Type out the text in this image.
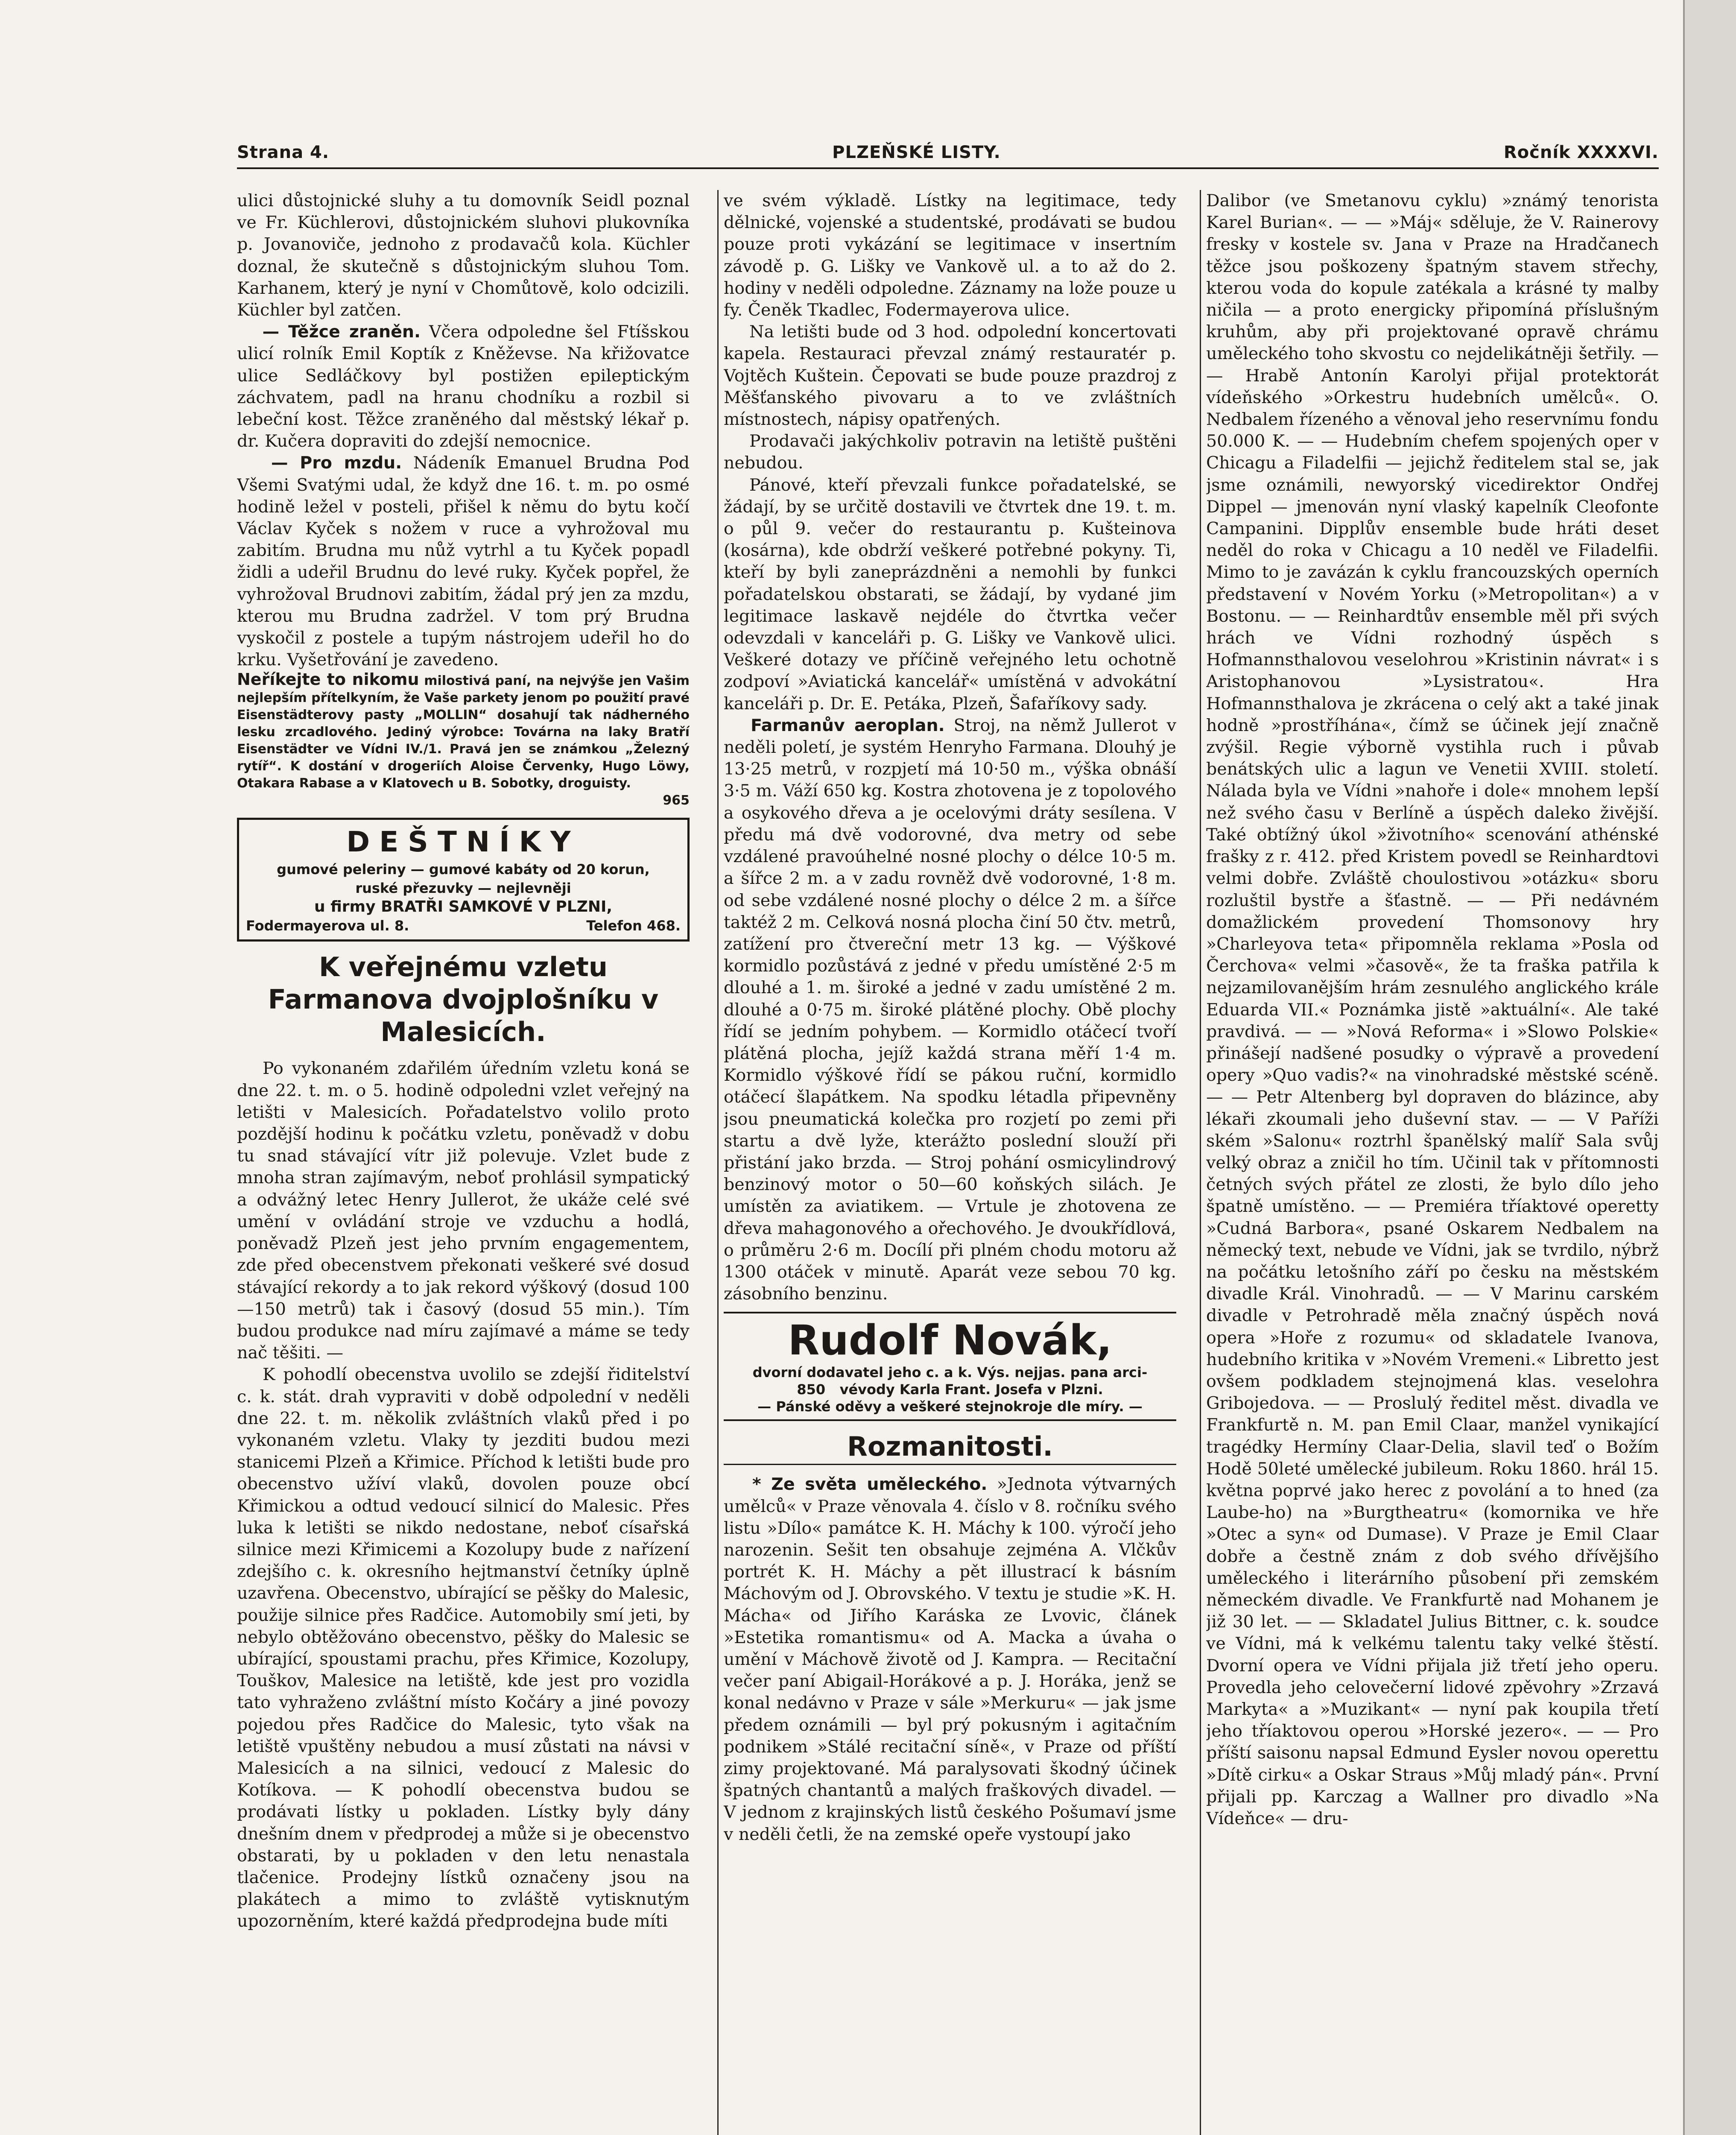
Strana 4.	PLZEŇSKÉ LISTY.	Ročník XXXXVI.

ulici důstojnické sluhy a tu domovník Seidl poznal ve Fr. Küchlerovi, důstojnickém sluhovi plukovníka p. Jovanoviče, jednoho z prodavačů kola. Küchler doznal, že skutečně s důstojnickým sluhou Tom. Karhanem, který je nyní v Chomůtově, kolo odcizili. Küchler byl zatčen.

— Těžce zraněn. Včera odpoledne šel Ftíšskou ulicí rolník Emil Koptík z Kněževse. Na křižovatce ulice Sedláčkovy byl postižen epileptickým záchvatem, padl na hranu chodníku a rozbil si lebeční kost. Těžce zraněného dal městský lékař p. dr. Kučera dopraviti do zdejší nemocnice.

— Pro mzdu. Nádeník Emanuel Brudna Pod Všemi Svatými udal, že když dne 16. t. m. po osmé hodině ležel v posteli, přišel k němu do bytu kočí Václav Kyček s nožem v ruce a vyhrožoval mu zabitím. Brudna mu nůž vytrhl a tu Kyček popadl židli a udeřil Brudnu do levé ruky. Kyček popřel, že vyhrožoval Brudnovi zabitím, žádal prý jen za mzdu, kterou mu Brudna zadržel. V tom prý Brudna vyskočil z postele a tupým nástrojem udeřil ho do krku. Vyšetřování je zavedeno.

Neříkejte to nikomu milostivá paní, na nejvýše jen Vašim nejlepším přítelkyním, že Vaše parkety jenom po použití pravé Eisenstädterovy pasty „MOLLIN“ dosahují tak nádherného lesku zrcadlového. Jediný výrobce: Továrna na laky Bratří Eisenstädter ve Vídni IV./1. Pravá jen se známkou „Železný rytíř“. K dostání v drogeriích Aloise Červenky, Hugo Löwy, Otakara Rabase a v Klatovech u B. Sobotky, droguisty.

965

DEŠTNÍKY
gumové peleriny — gumové kabáty od 20 korun,
ruské přezuvky — nejlevněji
u firmy BRATŘI SAMKOVÉ V PLZNI,
Fodermayerova ul. 8.	Telefon 468.
K veřejnému vzletu Farmanova dvojplošníku v Malesicích.

Po vykonaném zdařilém úředním vzletu koná se dne 22. t. m. o 5. hodině odpoledni vzlet veřejný na letišti v Malesicích. Pořadatelstvo volilo proto pozdější hodinu k počátku vzletu, poněvadž v dobu tu snad stávající vítr již polevuje. Vzlet bude z mnoha stran zajímavým, neboť prohlásil sympatický a odvážný letec Henry Jullerot, že ukáže celé své umění v ovládání stroje ve vzduchu a hodlá, poněvadž Plzeň jest jeho prvním engagementem, zde před obecenstvem překonati veškeré své dosud stávající rekordy a to jak rekord výškový (dosud 100—150 metrů) tak i časový (dosud 55 min.). Tím budou produkce nad míru zajímavé a máme se tedy nač těšiti. —

K pohodlí obecenstva uvolilo se zdejší řiditelství c. k. stát. drah vypraviti v době odpolední v neděli dne 22. t. m. několik zvláštních vlaků před i po vykonaném vzletu. Vlaky ty jezditi budou mezi stanicemi Plzeň a Křimice. Příchod k letišti bude pro obecenstvo užíví vlaků, dovolen pouze obcí Křimickou a odtud vedoucí silnicí do Malesic. Přes luka k letišti se nikdo nedostane, neboť císařská silnice mezi Křimicemi a Kozolupy bude z nařízení zdejšího c. k. okresního hejtmanství četníky úplně uzavřena. Obecenstvo, ubírající se pěšky do Malesic, použije silnice přes Radčice. Automobily smí jeti, by nebylo obtěžováno obecenstvo, pěšky do Malesic se ubírající, spoustami prachu, přes Křimice, Kozolupy, Touškov, Malesice na letiště, kde jest pro vozidla tato vyhraženo zvláštní místo Kočáry a jiné povozy pojedou přes Radčice do Malesic, tyto však na letiště vpuštěny nebudou a musí zůstati na návsi v Malesicích a na silnici, vedoucí z Malesic do Kotíkova. — K pohodlí obecenstva budou se prodávati lístky u pokladen. Lístky byly dány dnešním dnem v předprodej a může si je obecenstvo obstarati, by u pokladen v den letu nenastala tlačenice. Prodejny lístků označeny jsou na plakátech a mimo to zvláště vytisknutým upozorněním, které každá předprodejna bude míti

ve svém výkladě. Lístky na legitimace, tedy dělnické, vojenské a studentské, prodávati se budou pouze proti vykázání se legitimace v insertním závodě p. G. Lišky ve Vankově ul. a to až do 2. hodiny v neděli odpoledne. Záznamy na lože pouze u fy. Čeněk Tkadlec, Fodermayerova ulice.

Na letišti bude od 3 hod. odpolední koncertovati kapela. Restauraci převzal známý restauratér p. Vojtěch Kuštein. Čepovati se bude pouze prazdroj z Měšťanského pivovaru a to ve zvláštních místnostech, nápisy opatřených.

Prodavači jakýchkoliv potravin na letiště puštěni nebudou.

Pánové, kteří převzali funkce pořadatelské, se žádají, by se určitě dostavili ve čtvrtek dne 19. t. m. o půl 9. večer do restaurantu p. Kušteinova (kosárna), kde obdrží veškeré potřebné pokyny. Ti, kteří by byli zaneprázdněni a nemohli by funkci pořadatelskou obstarati, se žádají, by vydané jim legitimace laskavě nejdéle do čtvrtka večer odevzdali v kanceláři p. G. Lišky ve Vankově ulici. Veškeré dotazy ve příčině veřejného letu ochotně zodpoví »Aviatická kancelář« umístěná v advokátní kanceláři p. Dr. E. Petáka, Plzeň, Šafaříkovy sady.

Farmanův aeroplan. Stroj, na němž Jullerot v neděli poletí, je systém Henryho Farmana. Dlouhý je 13·25 metrů, v rozpjetí má 10·50 m., výška obnáší 3·5 m. Váží 650 kg. Kostra zhotovena je z topolového a osykového dřeva a je ocelovými dráty sesílena. V předu má dvě vodorovné, dva metry od sebe vzdálené pravoúhelné nosné plochy o délce 10·5 m. a šířce 2 m. a v zadu rovněž dvě vodorovné, 1·8 m. od sebe vzdálené nosné plochy o délce 2 m. a šířce taktéž 2 m. Celková nosná plocha činí 50 čtv. metrů, zatížení pro čtvereční metr 13 kg. — Výškové kormidlo pozůstává z jedné v předu umístěné 2·5 m dlouhé a 1. m. široké a jedné v zadu umístěné 2 m. dlouhé a 0·75 m. široké plátěné plochy. Obě plochy řídí se jedním pohybem. — Kormidlo otáčecí tvoří plátěná plocha, jejíž každá strana měří 1·4 m. Kormidlo výškové řídí se pákou ruční, kormidlo otáčecí šlapátkem. Na spodku létadla připevněny jsou pneumatická kolečka pro rozjetí po zemi při startu a dvě lyže, kterážto poslední slouží při přistání jako brzda. — Stroj pohání osmicylindrový benzinový motor o 50—60 koňských silách. Je umístěn za aviatikem. — Vrtule je zhotovena ze dřeva mahagonového a ořechového. Je dvoukřídlová, o průměru 2·6 m. Docílí při plném chodu motoru až 1300 otáček v minutě. Aparát veze sebou 70 kg. zásobního benzinu.

Rudolf Novák,
dvorní dodavatel jeho c. a k. Výs. nejjas. pana arci-
850 vévody Karla Frant. Josefa v Plzni.
— Pánské oděvy a veškeré stejnokroje dle míry. —
Rozmanitosti.

* Ze světa uměleckého. »Jednota výtvarných umělců« v Praze věnovala 4. číslo v 8. ročníku svého listu »Dílo« památce K. H. Máchy k 100. výročí jeho narozenin. Sešit ten obsahuje zejména A. Vlčkův portrét K. H. Máchy a pět illustrací k básním Máchovým od J. Obrovského. V textu je studie »K. H. Mácha« od Jiřího Karáska ze Lvovic, článek »Estetika romantismu« od A. Macka a úvaha o umění v Máchově životě od J. Kampra. — Recitační večer paní Abigail-Horákové a p. J. Horáka, jenž se konal nedávno v Praze v sále »Merkuru« — jak jsme předem oznámili — byl prý pokusným i agitačním podnikem »Stálé recitační síně«, v Praze od příští zimy projektované. Má paralysovati škodný účinek špatných chantantů a malých fraškových divadel. — V jednom z krajinských listů českého Pošumaví jsme v neděli četli, že na zemské opeře vystoupí jako

Dalibor (ve Smetanovu cyklu) »známý tenorista Karel Burian«. — — »Máj« sděluje, že V. Rainerovy fresky v kostele sv. Jana v Praze na Hradčanech těžce jsou poškozeny špatným stavem střechy, kterou voda do kopule zatékala a krásné ty malby ničila — a proto energicky připomíná příslušným kruhům, aby při projektované opravě chrámu uměleckého toho skvostu co nejdelikátněji šetřily. — — Hrabě Antonín Karolyi přijal protektorát vídeňského »Orkestru hudebních umělců«. O. Nedbalem řízeného a věnoval jeho reservnímu fondu 50.000 K. — — Hudebním chefem spojených oper v Chicagu a Filadelfii — jejichž ředitelem stal se, jak jsme oznámili, newyorský vicedirektor Ondřej Dippel — jmenován nyní vlaský kapelník Cleofonte Campanini. Dipplův ensemble bude hráti deset neděl do roka v Chicagu a 10 neděl ve Filadelfii. Mimo to je zavázán k cyklu francouzských operních představení v Novém Yorku (»Metropolitan«) a v Bostonu. — — Reinhardtův ensemble měl při svých hrách ve Vídni rozhodný úspěch s Hofmannsthalovou veselohrou »Kristinin návrat« i s Aristophanovou »Lysistratou«. Hra Hofmannsthalova je zkrácena o celý akt a také jinak hodně »prostříhána«, čímž se účinek její značně zvýšil. Regie výborně vystihla ruch i půvab benátských ulic a lagun ve Venetii XVIII. století. Nálada byla ve Vídni »nahoře i dole« mnohem lepší než svého času v Berlíně a úspěch daleko živější. Také obtížný úkol »životního« scenování athénské frašky z r. 412. před Kristem povedl se Reinhardtovi velmi dobře. Zvláště choulostivou »otázku« sboru rozluštil bystře a šťastně. — — Při nedávném domažlickém provedení Thomsonovy hry »Charleyova teta« připomněla reklama »Posla od Čerchova« velmi »časově«, že ta fraška patřila k nejzamilovanějším hrám zesnulého anglického krále Eduarda VII.« Poznámka jistě »aktuální«. Ale také pravdivá. — — »Nová Reforma« i »Slowo Polskie« přinášejí nadšené posudky o výpravě a provedení opery »Quo vadis?« na vinohradské městské scéně. — — Petr Altenberg byl dopraven do blázince, aby lékaři zkoumali jeho duševní stav. — — V Paříži ském »Salonu« roztrhl španělský malíř Sala svůj velký obraz a zničil ho tím. Učinil tak v přítomnosti četných svých přátel ze zlosti, že bylo dílo jeho špatně umístěno. — — Premiéra tříaktové operetty »Cudná Barbora«, psané Oskarem Nedbalem na německý text, nebude ve Vídni, jak se tvrdilo, nýbrž na počátku letošního září po česku na městském divadle Král. Vinohradů. — — V Marinu carském divadle v Petrohradě měla značný úspěch nová opera »Hoře z rozumu« od skladatele Ivanova, hudebního kritika v »Novém Vremeni.« Libretto jest ovšem podkladem stejnojmená klas. veselohra Gribojedova. — — Proslulý ředitel měst. divadla ve Frankfurtě n. M. pan Emil Claar, manžel vynikající tragédky Hermíny Claar-Delia, slavil teď o Božím Hodě 50leté umělecké jubileum. Roku 1860. hrál 15. května poprvé jako herec z povolání a to hned (za Laube-ho) na »Burgtheatru« (komornika ve hře »Otec a syn« od Dumase). V Praze je Emil Claar dobře a čestně znám z dob svého dřívějšího uměleckého i literárního působení při zemském německém divadle. Ve Frankfurtě nad Mohanem je již 30 let. — — Skladatel Julius Bittner, c. k. soudce ve Vídni, má k velkému talentu taky velké štěstí. Dvorní opera ve Vídni přijala již třetí jeho operu. Provedla jeho celovečerní lidové zpěvohry »Zrzavá Markyta« a »Muzikant« — nyní pak koupila třetí jeho tříaktovou operou »Horské jezero«. — — Pro příští saisonu napsal Edmund Eysler novou operettu »Dítě cirku« a Oskar Straus »Můj mladý pán«. První přijali pp. Karczag a Wallner pro divadlo »Na Vídeňce« — dru-
